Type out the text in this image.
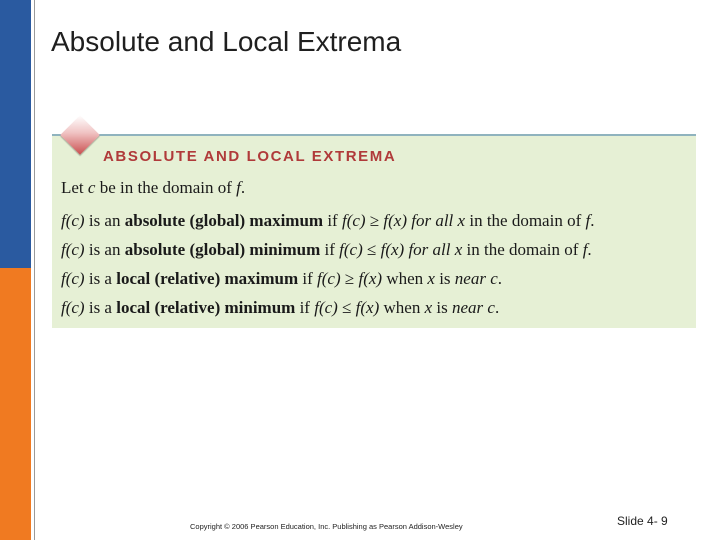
Absolute and Local Extrema
ABSOLUTE AND LOCAL EXTREMA
Let c be in the domain of f.
f(c) is an absolute (global) maximum if f(c) ≥ f(x) for all x in the domain of f.
f(c) is an absolute (global) minimum if f(c) ≤ f(x) for all x in the domain of f.
f(c) is a local (relative) maximum if f(c) ≥ f(x) when x is near c.
f(c) is a local (relative) minimum if f(c) ≤ f(x) when x is near c.
Copyright © 2006 Pearson Education, Inc. Publishing as Pearson Addison-Wesley	Slide 4- 9
